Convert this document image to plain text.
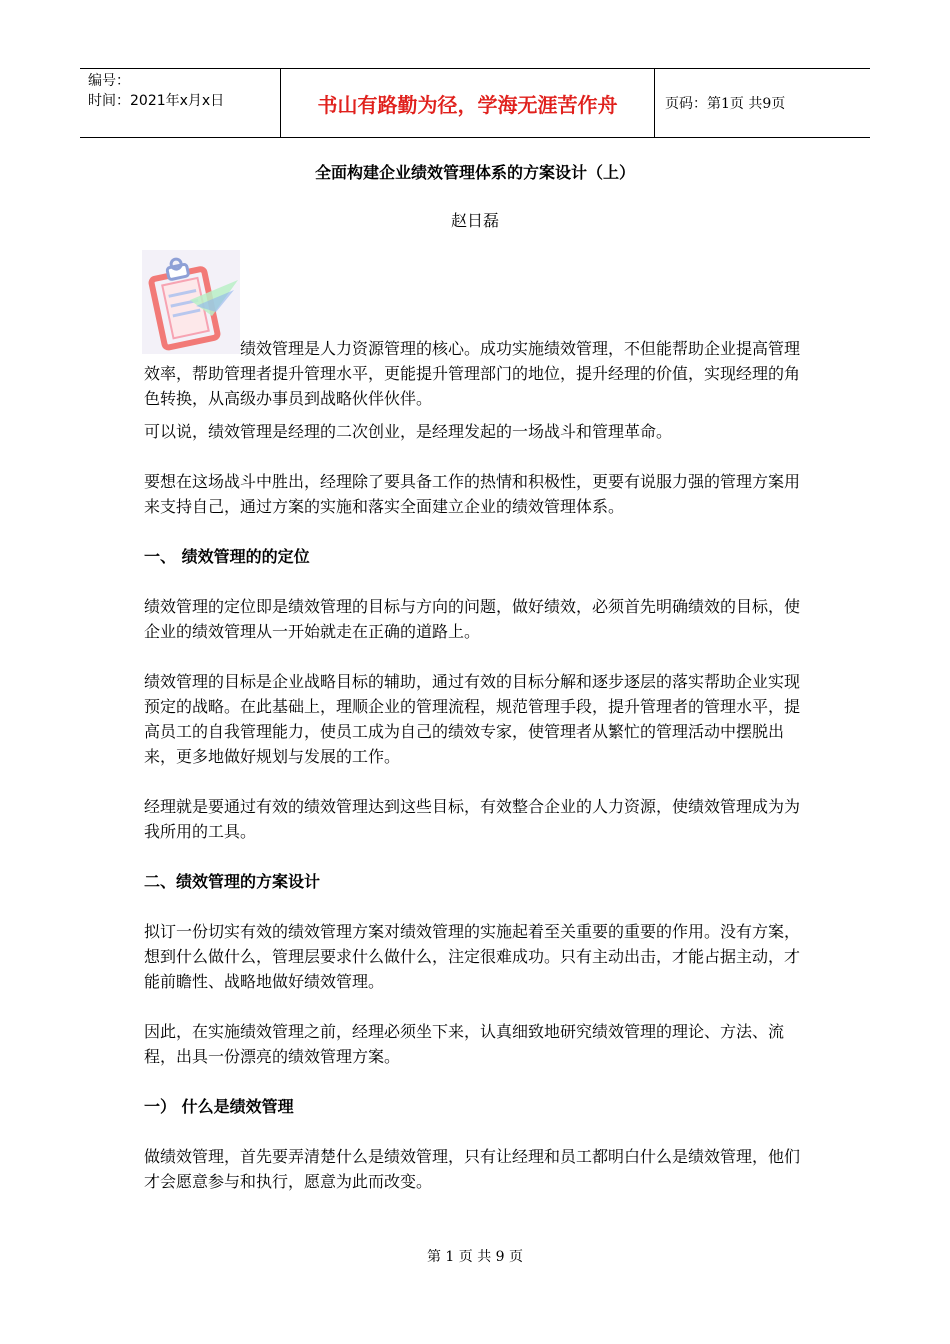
编号：
时间：2021年x月x日	书山有路勤为径，学海无涯苦作舟	页码：第1页 共9页
全面构建企业绩效管理体系的方案设计（上）
赵日磊

绩效管理是人力资源管理的核心。成功实施绩效管理，不但能帮助企业提高管理效率，帮助管理者提升管理水平，更能提升管理部门的地位，提升经理的价值，实现经理的角色转换，从高级办事员到战略伙伴伙伴。

可以说，绩效管理是经理的二次创业，是经理发起的一场战斗和管理革命。

要想在这场战斗中胜出，经理除了要具备工作的热情和积极性，更要有说服力强的管理方案用来支持自己，通过方案的实施和落实全面建立企业的绩效管理体系。

一、 绩效管理的的定位

绩效管理的定位即是绩效管理的目标与方向的问题，做好绩效，必须首先明确绩效的目标，使企业的绩效管理从一开始就走在正确的道路上。

绩效管理的目标是企业战略目标的辅助，通过有效的目标分解和逐步逐层的落实帮助企业实现预定的战略。在此基础上，理顺企业的管理流程，规范管理手段，提升管理者的管理水平，提高员工的自我管理能力，使员工成为自己的绩效专家，使管理者从繁忙的管理活动中摆脱出来，更多地做好规划与发展的工作。

经理就是要通过有效的绩效管理达到这些目标，有效整合企业的人力资源，使绩效管理成为为我所用的工具。

二、绩效管理的方案设计

拟订一份切实有效的绩效管理方案对绩效管理的实施起着至关重要的重要的作用。没有方案，想到什么做什么，管理层要求什么做什么，注定很难成功。只有主动出击，才能占据主动，才能前瞻性、战略地做好绩效管理。

因此，在实施绩效管理之前，经理必须坐下来，认真细致地研究绩效管理的理论、方法、流程，出具一份漂亮的绩效管理方案。

一） 什么是绩效管理

做绩效管理，首先要弄清楚什么是绩效管理，只有让经理和员工都明白什么是绩效管理，他们才会愿意参与和执行，愿意为此而改变。

第 1 页 共 9 页
